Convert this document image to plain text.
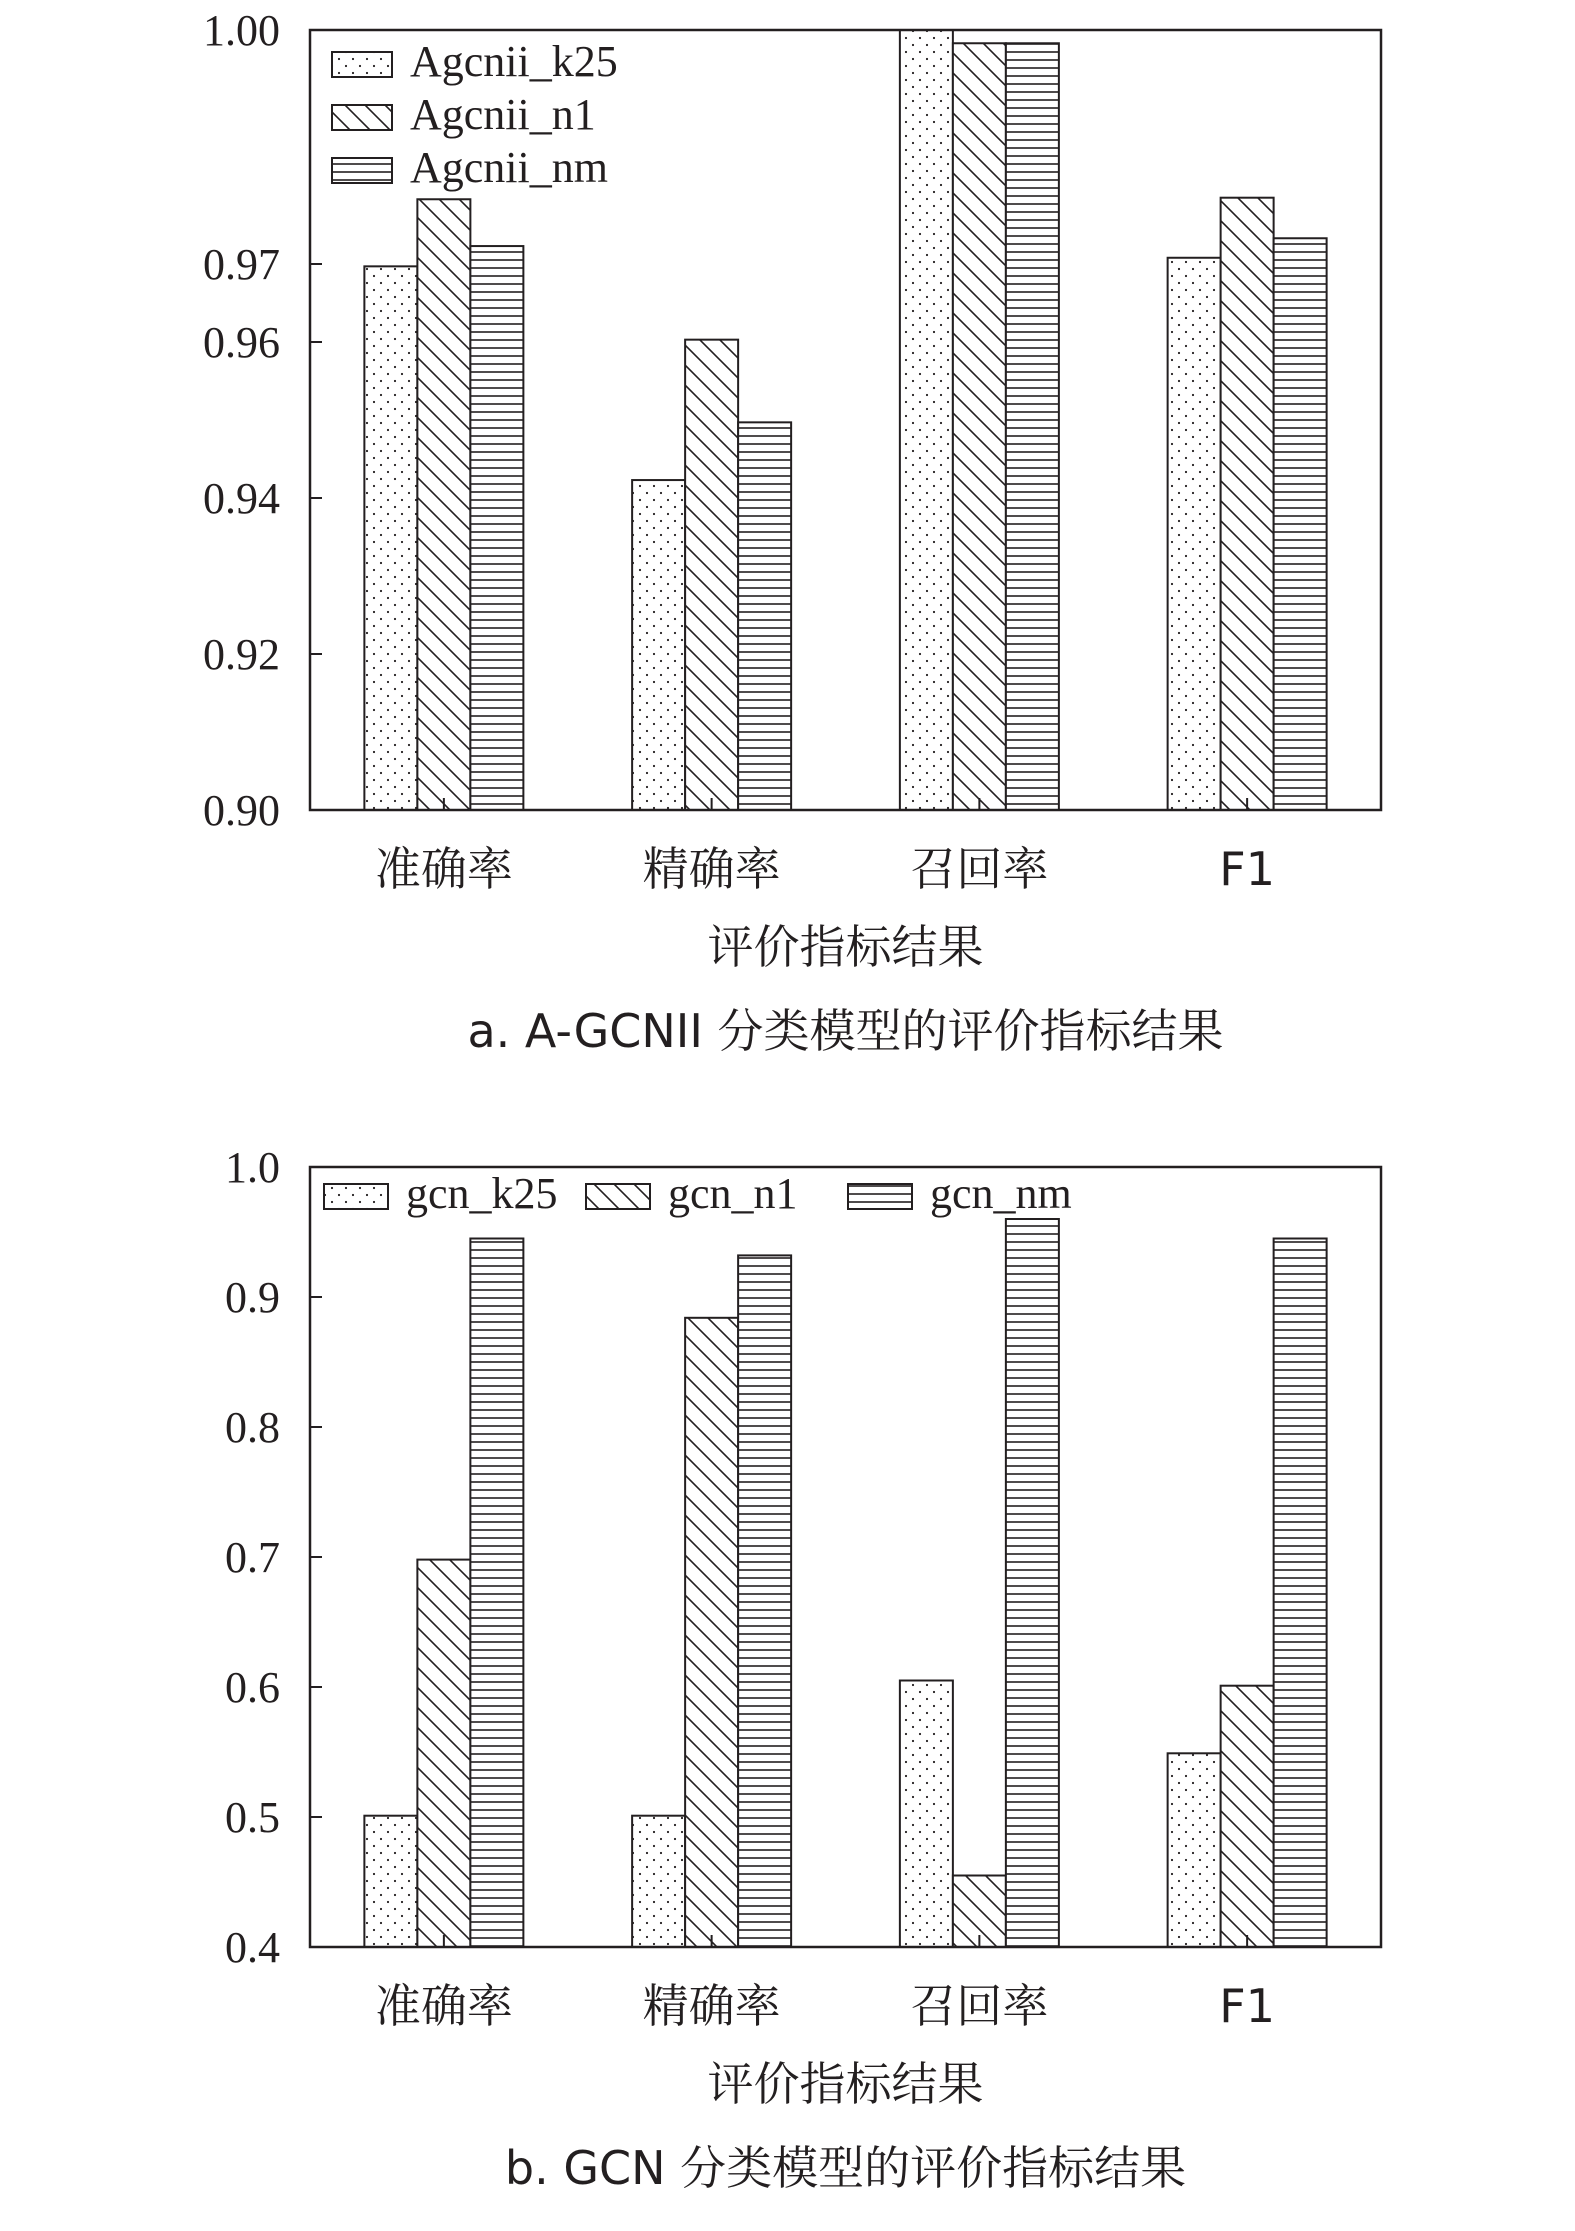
0.90
0.92
0.94
0.96
0.97
1.00
准确率	精确率	召回率	F1
评价指标结果
a. A-GCNII 分类模型的评价指标结果
Agcnii_k25
Agcnii_n1
Agcnii_nm
0.4
0.5
0.6
0.7
0.8
0.9
1.0
准确率	精确率	召回率	F1
评价指标结果
b. GCN 分类模型的评价指标结果
gcn_k25	gcn_n1	gcn_nm
